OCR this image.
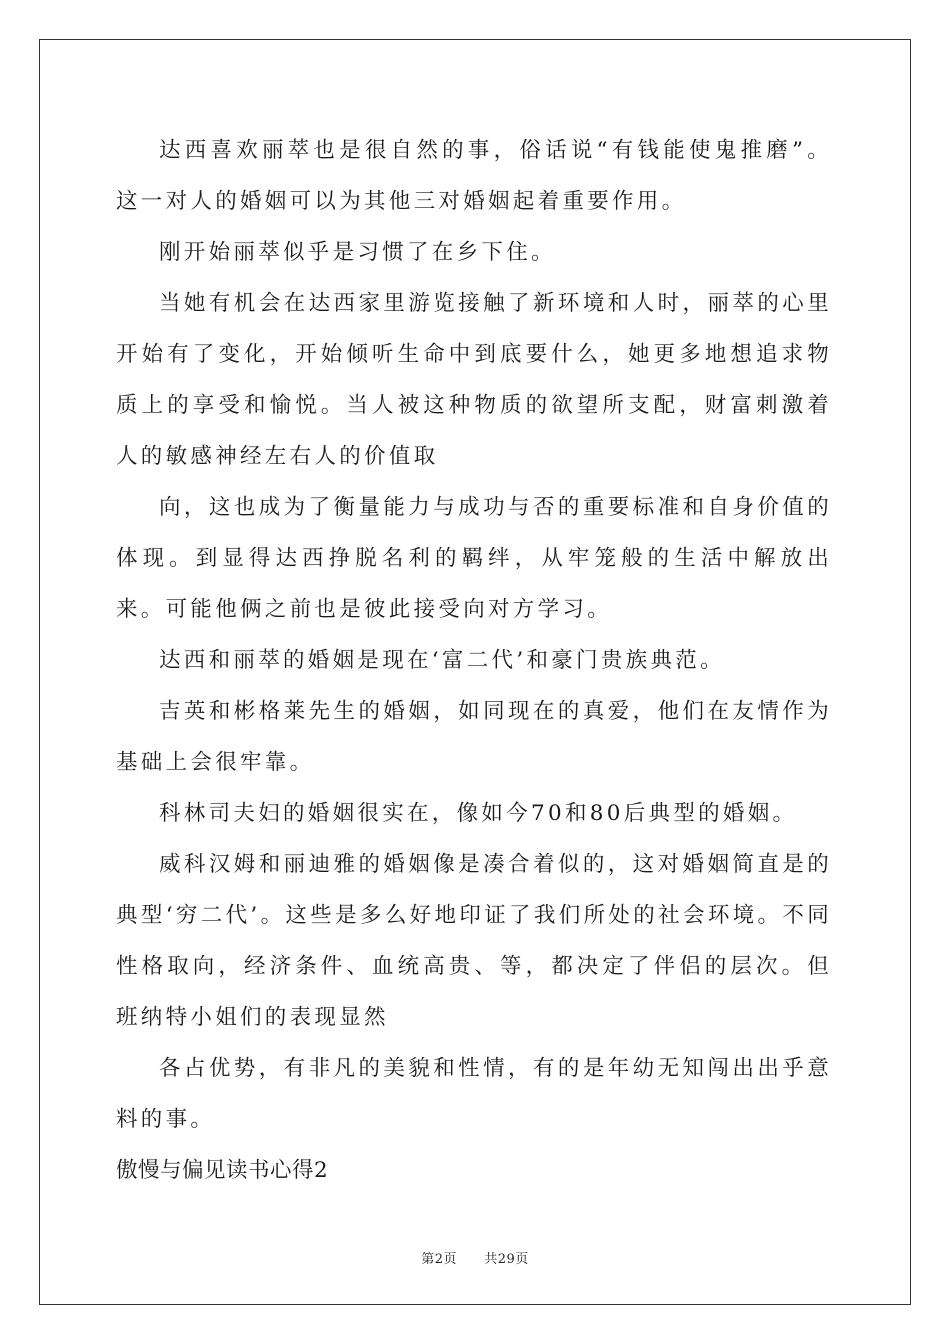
达西喜欢丽萃也是很自然的事，俗话说“有钱能使鬼推磨”。这一对人的婚姻可以为其他三对婚姻起着重要作用。

刚开始丽萃似乎是习惯了在乡下住。

当她有机会在达西家里游览接触了新环境和人时，丽萃的心里开始有了变化，开始倾听生命中到底要什么，她更多地想追求物质上的享受和愉悦。当人被这种物质的欲望所支配，财富刺激着人的敏感神经左右人的价值取

向，这也成为了衡量能力与成功与否的重要标准和自身价值的体现。到显得达西挣脱名利的羁绊，从牢笼般的生活中解放出来。可能他俩之前也是彼此接受向对方学习。

达西和丽萃的婚姻是现在‘富二代’和豪门贵族典范。

吉英和彬格莱先生的婚姻，如同现在的真爱，他们在友情作为基础上会很牢靠。

科林司夫妇的婚姻很实在，像如今70和80后典型的婚姻。

威科汉姆和丽迪雅的婚姻像是凑合着似的，这对婚姻简直是的典型‘穷二代’。这些是多么好地印证了我们所处的社会环境。不同性格取向，经济条件、血统高贵、等，都决定了伴侣的层次。但班纳特小姐们的表现显然

各占优势，有非凡的美貌和性情，有的是年幼无知闯出出乎意料的事。

傲慢与偏见读书心得2

第2页 共29页
